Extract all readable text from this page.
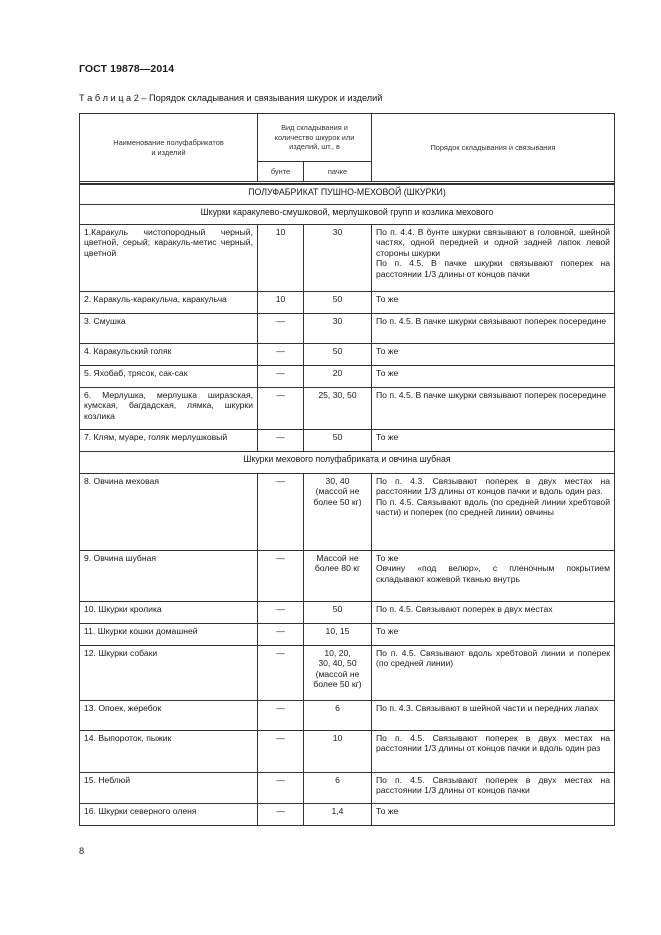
ГОСТ 19878—2014
Т а б л и ц а 2 – Порядок складывания и связывания шкурок и изделий
Наименование полуфабрикатов
и изделий	Вид складывания и
количество шкурок или
изделий, шт., в		Порядок складывания и связывания
	бунте	пачке	

ПОЛУФАБРИКАТ ПУШНО-МЕХОВОЙ (ШКУРКИ)			
Шкурки каракулево-смушковой, мерлушковой групп и козлика мехового			
1.Каракуль чистопородный черный, цветной, серый; каракуль-метис черный, цветной	10	30	По п. 4.4. В бунте шкурки связывают в головной, шейной частях, одной передней и одной задней лапок левой стороны шкурки
По п. 4.5. В пачке шкурки связывают поперек на расстоянии 1/3 длины от концов пачки
2. Каракуль-каракульча, каракульча	10	50	То же
3. Смушка	—	30	По п. 4.5. В пачке шкурки связывают поперек посередине
4. Каракульский голяк	—	50	То же
5. Яхобаб, трясок, сак-сак	—	20	То же
6. Мерлушка, мерлушка ширазская, кумская, багдадская, лямка, шкурки козлика	—	25, 30, 50	По п. 4.5. В пачке шкурки связывают поперек посередине
7. Клям, муаре, голяк мерлушковый	—	50	То же
Шкурки мехового полуфабриката и овчина шубная			
8. Овчина меховая	—	30, 40
(массой не
более 50 кг)	По п. 4.3. Связывают поперек в двух местах на расстоянии 1/3 длины от концов пачки и вдоль один раз.
По п. 4.5. Связывают вдоль (по средней линии хребтовой части) и поперек (по средней линии) овчины
9. Овчина шубная	—	Массой не
более 80 кг	То же
Овчину «под велюр», с пленочным покрытием складывают кожевой тканью внутрь
10. Шкурки кролика	—	50	По п. 4.5. Связывают поперек в двух местах
11. Шкурки кошки домашней	—	10, 15	То же
12. Шкурки собаки	—	10, 20,
30, 40, 50
(массой не
более 50 кг)	По п. 4.5. Связывают вдоль хребтовой линии и поперек (по средней линии)
13. Опоек, жеребок	—	6	По п. 4.3. Связывают в шейной части и передних лапах
14. Выпороток, пыжик	—	10	По п. 4.5. Связывают поперек в двух местах на расстоянии 1/3 длины от концов пачки и вдоль один раз
15. Неблюй	—	6	По п. 4.5. Связывают поперек в двух местах на расстоянии 1/3 длины от концов пачки
16. Шкурки северного оленя	—	1,4	То же
8
